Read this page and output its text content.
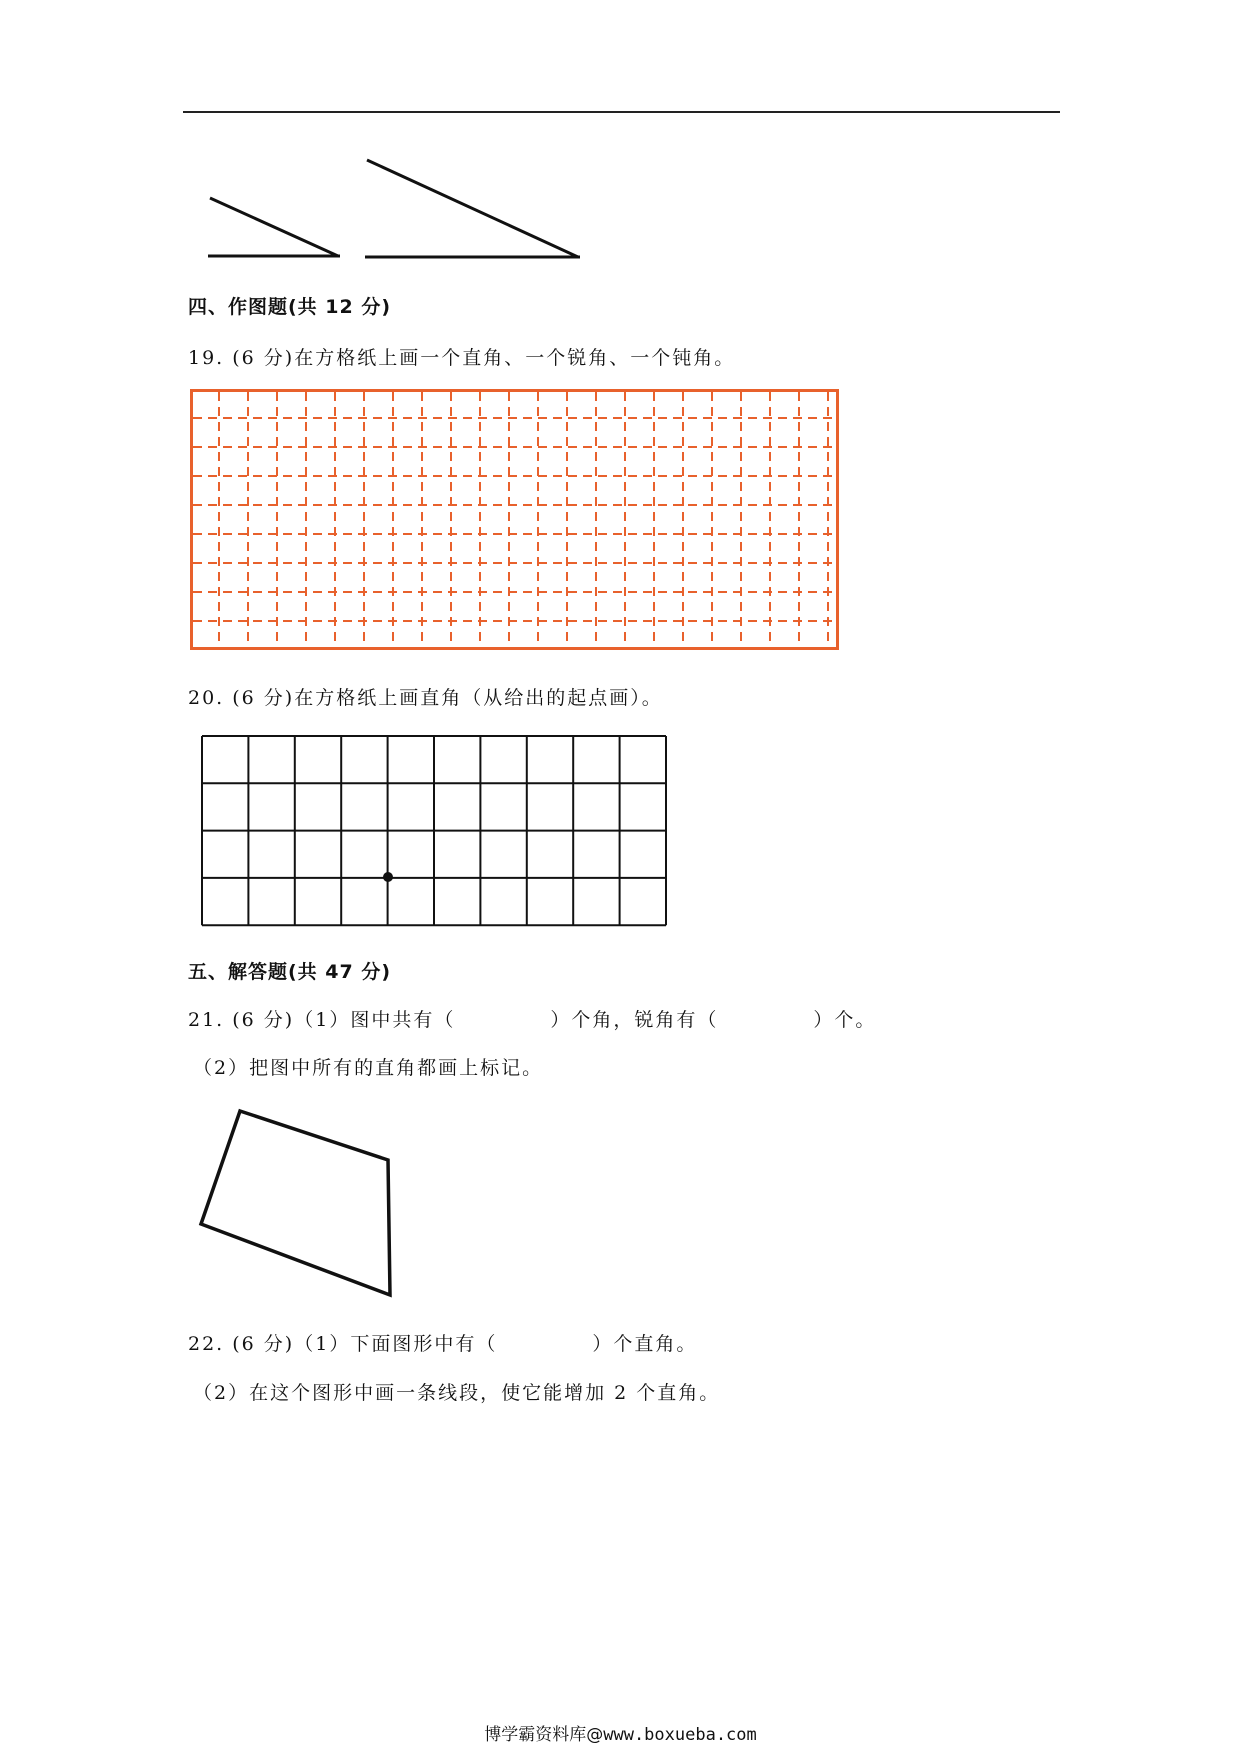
四、作图题(共 12 分)
19. (6 分)在方格纸上画一个直角、一个锐角、一个钝角。
20. (6 分)在方格纸上画直角（从给出的起点画）。
五、解答题(共 47 分)
21. (6 分)（1）图中共有（	）个角，锐角有（	）个。
（2）把图中所有的直角都画上标记。
22. (6 分)（1）下面图形中有（	）个直角。
（2）在这个图形中画一条线段，使它能增加 2 个直角。
博学霸资料库@www.boxueba.com
